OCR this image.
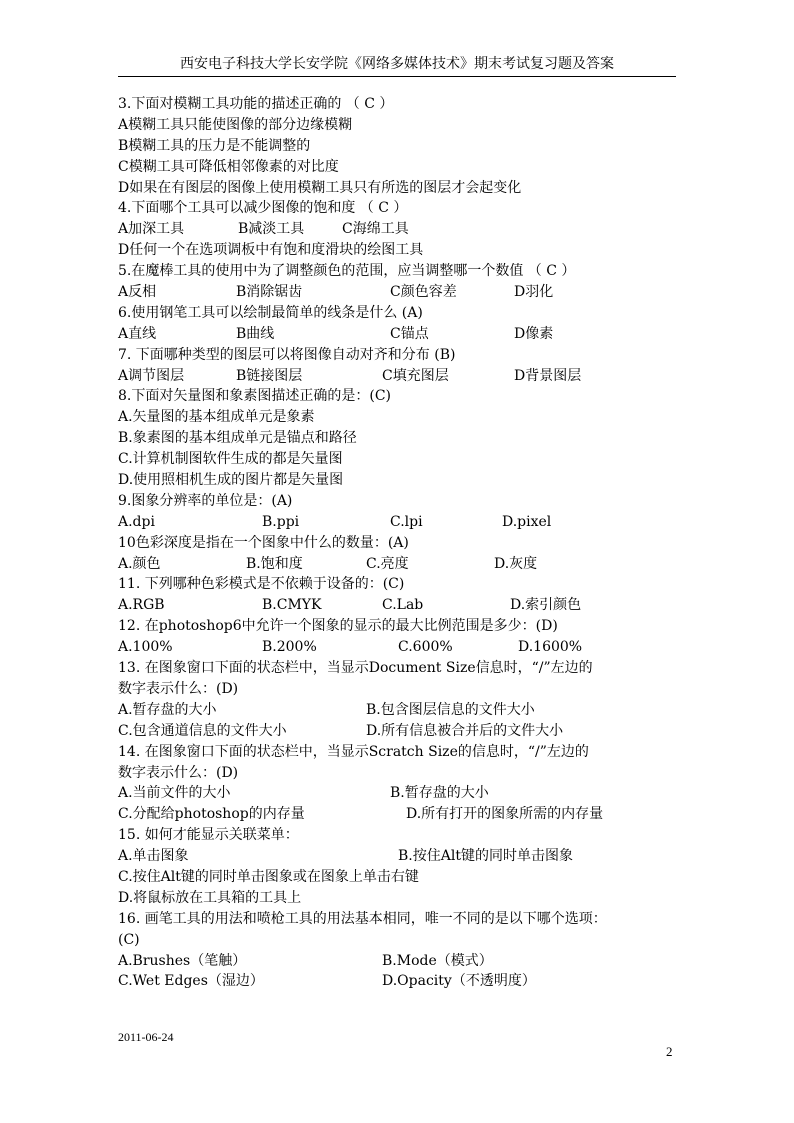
西安电子科技大学长安学院《网络多媒体技术》期末考试复习题及答案
3.下面对模糊工具功能的描述正确的 （ C ）
A模糊工具只能使图像的部分边缘模糊
B模糊工具的压力是不能调整的
C模糊工具可降低相邻像素的对比度
D如果在有图层的图像上使用模糊工具只有所选的图层才会起变化
4.下面哪个工具可以减少图像的饱和度 （ C ）
A加深工具	B减淡工具	C海绵工具
D任何一个在选项调板中有饱和度滑块的绘图工具
5.在魔棒工具的使用中为了调整颜色的范围，应当调整哪一个数值 （ C ）
A反相	B消除锯齿	C颜色容差	D羽化
6.使用钢笔工具可以绘制最简单的线条是什么 (A)
A直线	B曲线	C锚点	D像素
7. 下面哪种类型的图层可以将图像自动对齐和分布 (B)
A调节图层	B链接图层	C填充图层	D背景图层
8.下面对矢量图和象素图描述正确的是：(C)
A.矢量图的基本组成单元是象素
B.象素图的基本组成单元是锚点和路径
C.计算机制图软件生成的都是矢量图
D.使用照相机生成的图片都是矢量图
9.图象分辨率的单位是：(A)
A.dpi	B.ppi	C.lpi	D.pixel
10色彩深度是指在一个图象中什么的数量：(A)
A.颜色	B.饱和度	C.亮度	D.灰度
11. 下列哪种色彩模式是不依赖于设备的：(C)
A.RGB	B.CMYK	C.Lab	D.索引颜色
12. 在photoshop6中允许一个图象的显示的最大比例范围是多少：(D)
A.100%	B.200%	C.600%	D.1600%
13. 在图象窗口下面的状态栏中，当显示Document Size信息时，“/”左边的
数字表示什么：(D)
A.暂存盘的大小	B.包含图层信息的文件大小
C.包含通道信息的文件大小	D.所有信息被合并后的文件大小
14. 在图象窗口下面的状态栏中，当显示Scratch Size的信息时，“/”左边的
数字表示什么：(D)
A.当前文件的大小	B.暂存盘的大小
C.分配给photoshop的内存量	D.所有打开的图象所需的内存量
15. 如何才能显示关联菜单：
A.单击图象	B.按住Alt键的同时单击图象
C.按住Alt键的同时单击图象或在图象上单击右键
D.将鼠标放在工具箱的工具上
16. 画笔工具的用法和喷枪工具的用法基本相同，唯一不同的是以下哪个选项：
(C)
A.Brushes（笔触）	B.Mode（模式）
C.Wet Edges（湿边）	D.Opacity（不透明度）
2011-06-24
2
